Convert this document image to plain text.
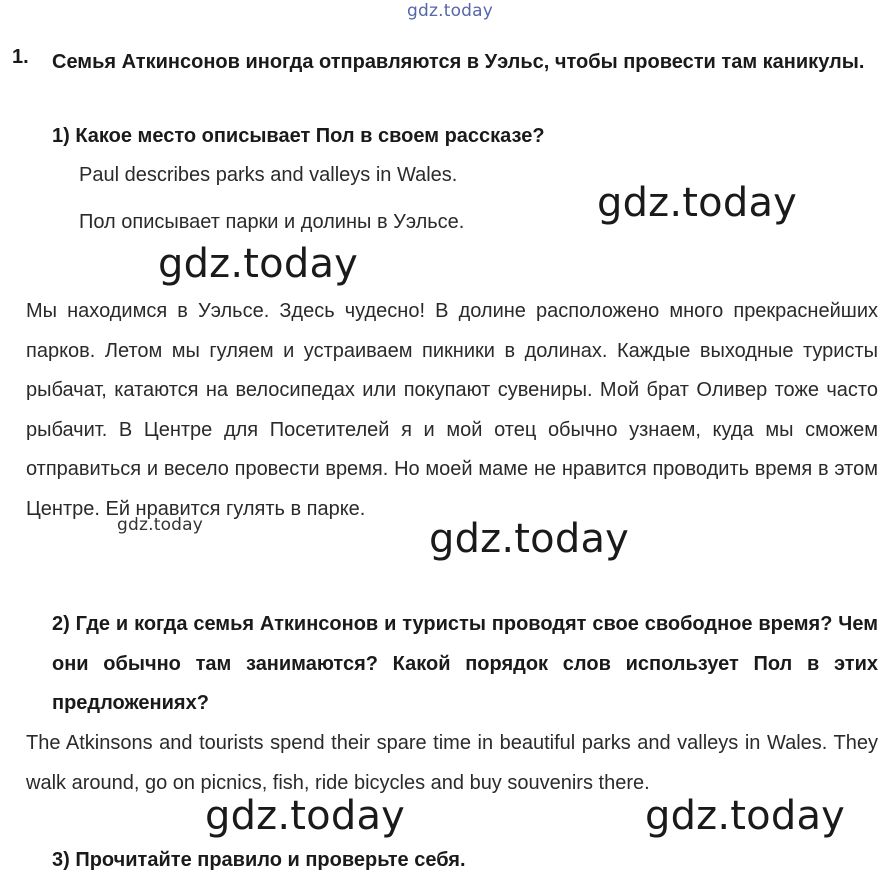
gdz.today
1. Семья Аткинсонов иногда отправляются в Уэльс, чтобы провести там каникулы.
1) Какое место описывает Пол в своем рассказе?
Paul describes parks and valleys in Wales.
Пол описывает парки и долины в Уэльсе.	gdz.today
gdz.today
Мы находимся в Уэльсе. Здесь чудесно! В долине расположено много прекраснейших парков. Летом мы гуляем и устраиваем пикники в долинах. Каждые выходные туристы рыбачат, катаются на велосипедах или покупают сувениры. Мой брат Оливер тоже часто рыбачит. В Центре для Посетителей я и мой отец обычно узнаем, куда мы сможем отправиться и весело провести время. Но моей маме не нравится проводить время в этом Центре. Ей нравится гулять в парке.
gdz.today	gdz.today
2) Где и когда семья Аткинсонов и туристы проводят свое свободное время? Чем они обычно там занимаются? Какой порядок слов использует Пол в этих предложениях?
The Atkinsons and tourists spend their spare time in beautiful parks and valleys in Wales. They walk around, go on picnics, fish, ride bicycles and buy souvenirs there.
gdz.today	gdz.today
3) Прочитайте правило и проверьте себя.
